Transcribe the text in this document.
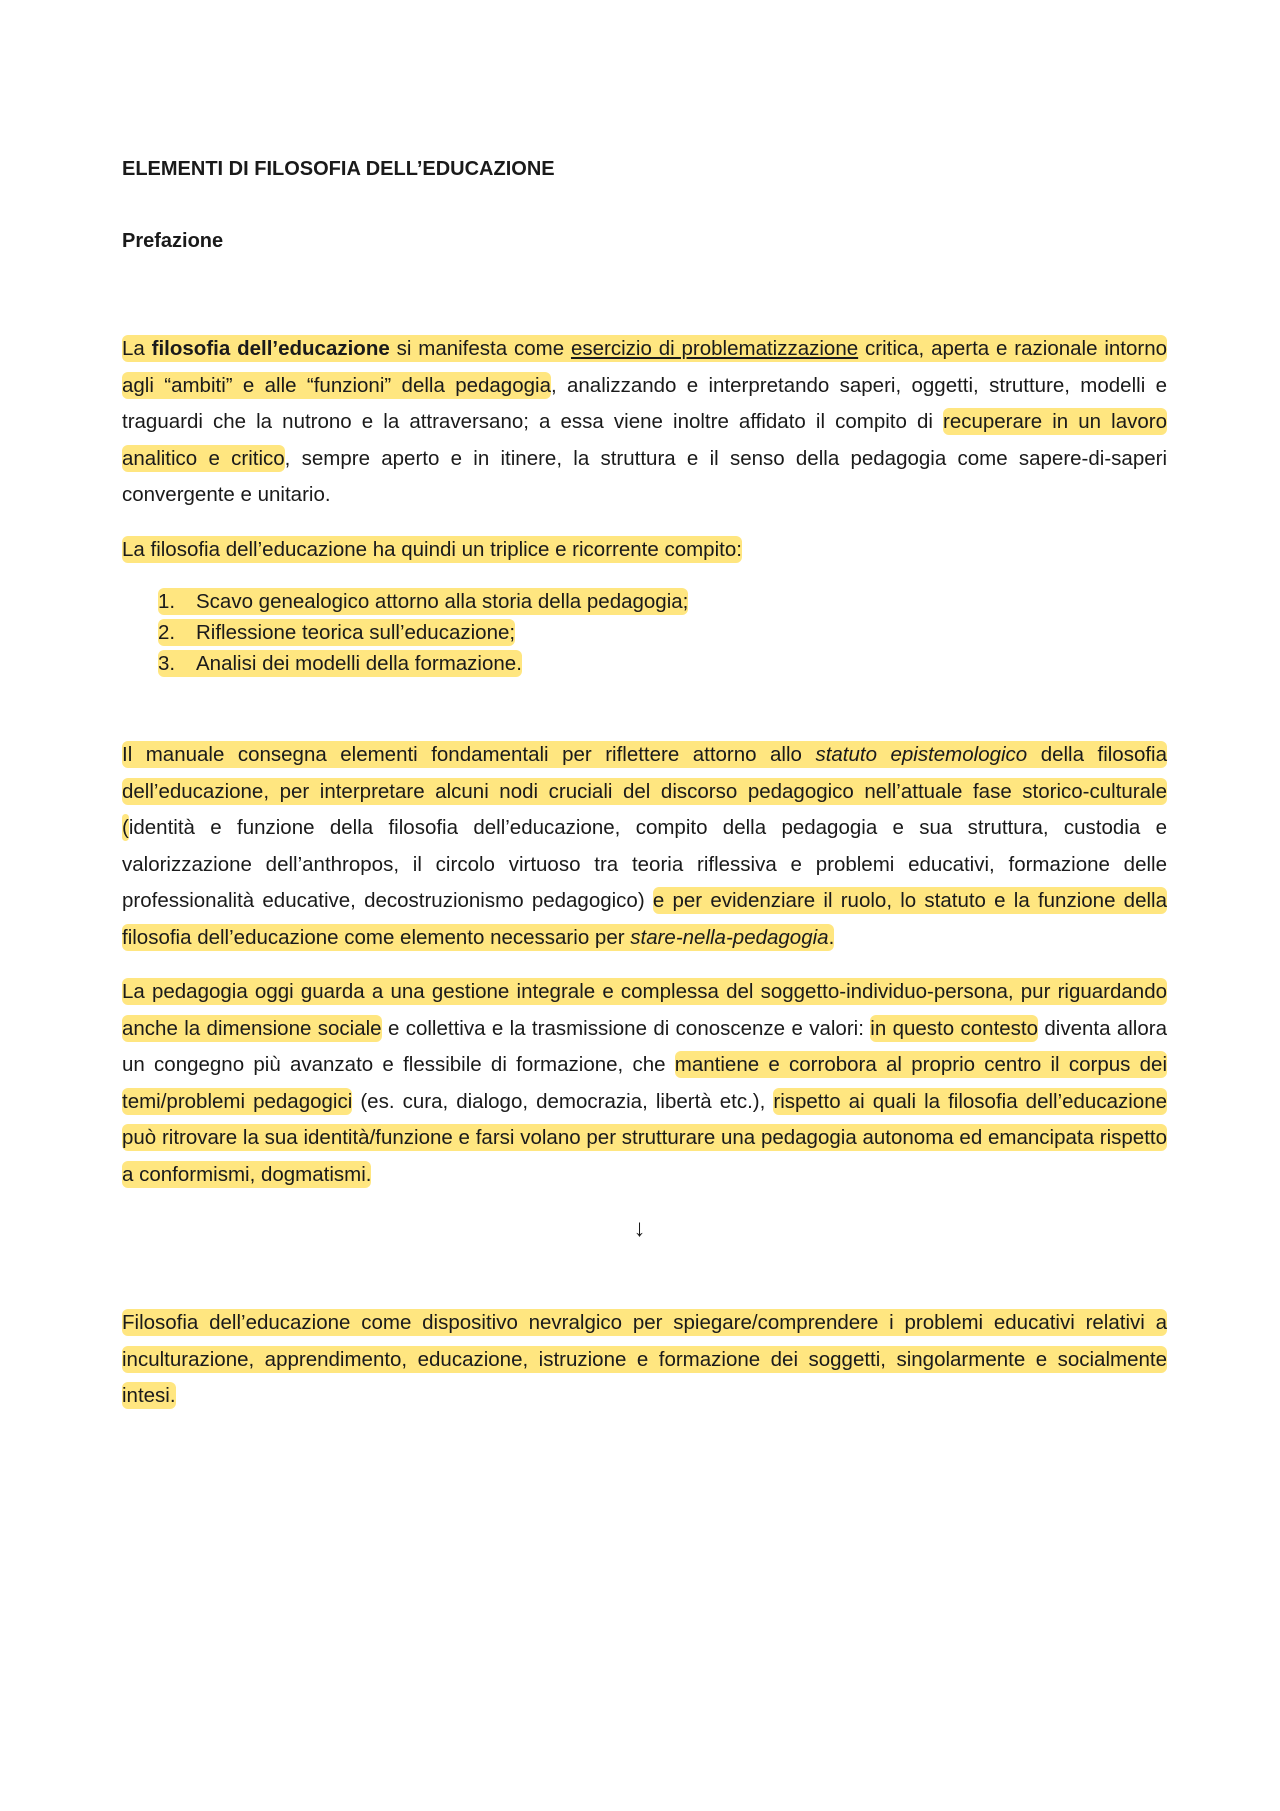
ELEMENTI DI FILOSOFIA DELL’EDUCAZIONE
Prefazione

La filosofia dell’educazione si manifesta come esercizio di problematizzazione critica, aperta e razionale intorno agli “ambiti” e alle “funzioni” della pedagogia, analizzando e interpretando saperi, oggetti, strutture, modelli e traguardi che la nutrono e la attraversano; a essa viene inoltre affidato il compito di recuperare in un lavoro analitico e critico, sempre aperto e in itinere, la struttura e il senso della pedagogia come sapere-di-saperi convergente e unitario.

La filosofia dell’educazione ha quindi un triplice e ricorrente compito:

1. Scavo genealogico attorno alla storia della pedagogia;
2. Riflessione teorica sull’educazione;
3. Analisi dei modelli della formazione.

Il manuale consegna elementi fondamentali per riflettere attorno allo statuto epistemologico della filosofia dell’educazione, per interpretare alcuni nodi cruciali del discorso pedagogico nell’attuale fase storico-culturale (identità e funzione della filosofia dell’educazione, compito della pedagogia e sua struttura, custodia e valorizzazione dell’anthropos, il circolo virtuoso tra teoria riflessiva e problemi educativi, formazione delle professionalità educative, decostruzionismo pedagogico) e per evidenziare il ruolo, lo statuto e la funzione della filosofia dell’educazione come elemento necessario per stare-nella-pedagogia.

La pedagogia oggi guarda a una gestione integrale e complessa del soggetto-individuo-persona, pur riguardando anche la dimensione sociale e collettiva e la trasmissione di conoscenze e valori: in questo contesto diventa allora un congegno più avanzato e flessibile di formazione, che mantiene e corrobora al proprio centro il corpus dei temi/problemi pedagogici (es. cura, dialogo, democrazia, libertà etc.), rispetto ai quali la filosofia dell’educazione può ritrovare la sua identità/funzione e farsi volano per strutturare una pedagogia autonoma ed emancipata rispetto a conformismi, dogmatismi.

↓

Filosofia dell’educazione come dispositivo nevralgico per spiegare/comprendere i problemi educativi relativi a inculturazione, apprendimento, educazione, istruzione e formazione dei soggetti, singolarmente e socialmente intesi.
